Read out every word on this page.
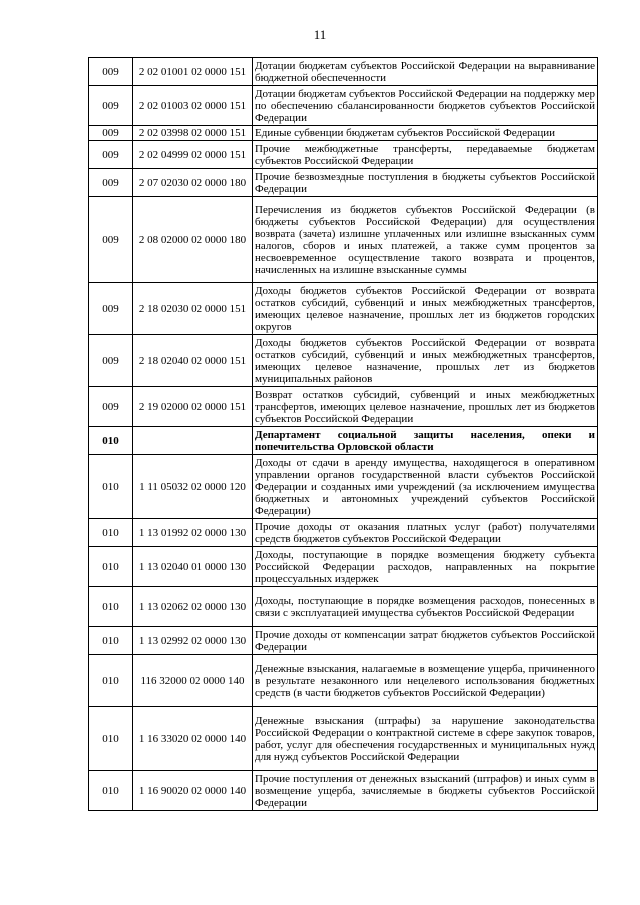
11
009	2 02 01001 02 0000 151	Дотации бюджетам субъектов Российской Федерации на выравнивание бюджетной обеспеченности
009	2 02 01003 02 0000 151	Дотации бюджетам субъектов Российской Федерации на поддержку мер по обеспечению сбалансированности бюджетов субъектов Российской Федерации
009	2 02 03998 02 0000 151	Единые субвенции бюджетам субъектов Российской Федерации
009	2 02 04999 02 0000 151	Прочие межбюджетные трансферты, передаваемые бюджетам субъектов Российской Федерации
009	2 07 02030 02 0000 180	Прочие безвозмездные поступления в бюджеты субъектов Российской Федерации
009	2 08 02000 02 0000 180	Перечисления из бюджетов субъектов Российской Федерации (в бюджеты субъектов Российской Федерации) для осуществления возврата (зачета) излишне уплаченных или излишне взысканных сумм налогов, сборов и иных платежей, а также сумм процентов за несвоевременное осуществление такого возврата и процентов, начисленных на излишне взысканные суммы
009	2 18 02030 02 0000 151	Доходы бюджетов субъектов Российской Федерации от возврата остатков субсидий, субвенций и иных межбюджетных трансфертов, имеющих целевое назначение, прошлых лет из бюджетов городских округов
009	2 18 02040 02 0000 151	Доходы бюджетов субъектов Российской Федерации от возврата остатков субсидий, субвенций и иных межбюджетных трансфертов, имеющих целевое назначение, прошлых лет из бюджетов муниципальных районов
009	2 19 02000 02 0000 151	Возврат остатков субсидий, субвенций и иных межбюджетных трансфертов, имеющих целевое назначение, прошлых лет из бюджетов субъектов Российской Федерации
010		Департамент социальной защиты населения, опеки и попечительства Орловской области
010	1 11 05032 02 0000 120	Доходы от сдачи в аренду имущества, находящегося в оперативном управлении органов государственной власти субъектов Российской Федерации и созданных ими учреждений (за исключением имущества бюджетных и автономных учреждений субъектов Российской Федерации)
010	1 13 01992 02 0000 130	Прочие доходы от оказания платных услуг (работ) получателями средств бюджетов субъектов Российской Федерации
010	1 13 02040 01 0000 130	Доходы, поступающие в порядке возмещения бюджету субъекта Российской Федерации расходов, направленных на покрытие процессуальных издержек
010	1 13 02062 02 0000 130	Доходы, поступающие в порядке возмещения расходов, понесенных в связи с эксплуатацией имущества субъектов Российской Федерации
010	1 13 02992 02 0000 130	Прочие доходы от компенсации затрат бюджетов субъектов Российской Федерации
010	116 32000 02 0000 140	Денежные взыскания, налагаемые в возмещение ущерба, причиненного в результате незаконного или нецелевого использования бюджетных средств (в части бюджетов субъектов Российской Федерации)
010	1 16 33020 02 0000 140	Денежные взыскания (штрафы) за нарушение законодательства Российской Федерации о контрактной системе в сфере закупок товаров, работ, услуг для обеспечения государственных и муниципальных нужд для нужд субъектов Российской Федерации
010	1 16 90020 02 0000 140	Прочие поступления от денежных взысканий (штрафов) и иных сумм в возмещение ущерба, зачисляемые в бюджеты субъектов Российской Федерации
